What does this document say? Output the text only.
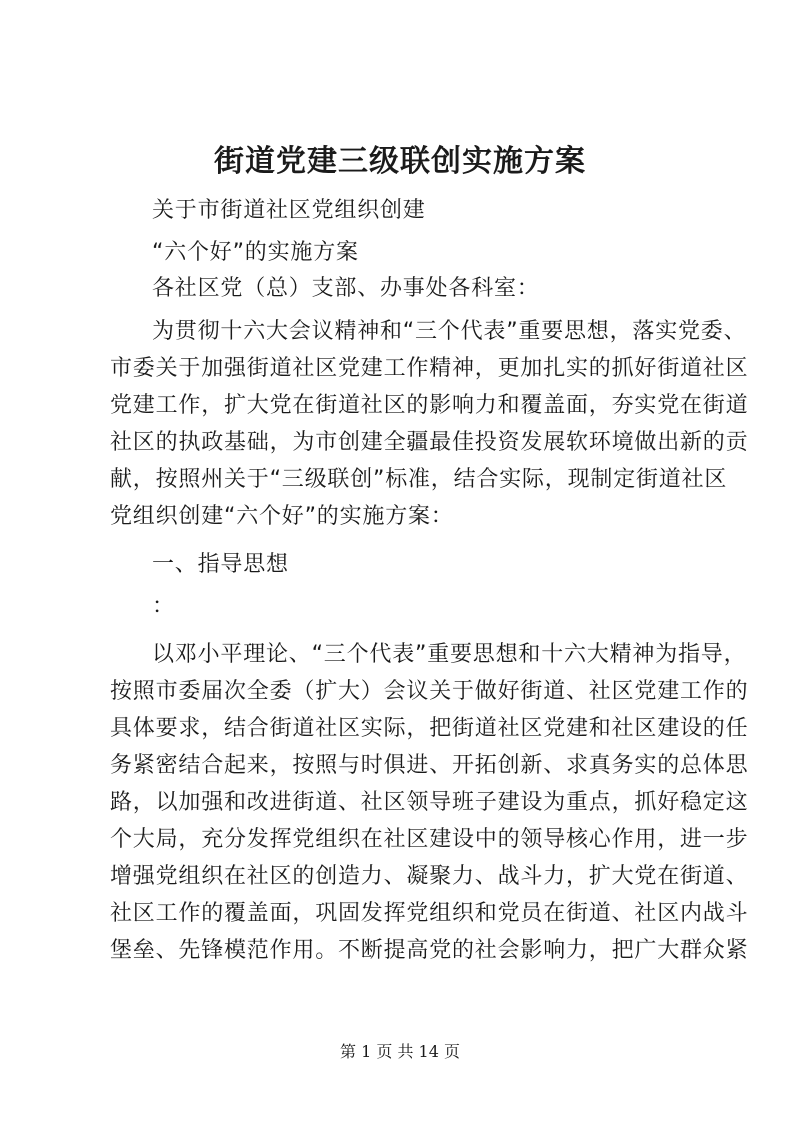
街道党建三级联创实施方案
关于市街道社区党组织创建
“六个好”的实施方案
各社区党（总）支部、办事处各科室：
为贯彻十六大会议精神和“三个代表”重要思想，落实党委、
市委关于加强街道社区党建工作精神，更加扎实的抓好街道社区
党建工作，扩大党在街道社区的影响力和覆盖面，夯实党在街道
社区的执政基础，为市创建全疆最佳投资发展软环境做出新的贡
献，按照州关于“三级联创”标准，结合实际，现制定街道社区
党组织创建“六个好”的实施方案：
一、指导思想
：
以邓小平理论、“三个代表”重要思想和十六大精神为指导，
按照市委届次全委（扩大）会议关于做好街道、社区党建工作的
具体要求，结合街道社区实际，把街道社区党建和社区建设的任
务紧密结合起来，按照与时俱进、开拓创新、求真务实的总体思
路，以加强和改进街道、社区领导班子建设为重点，抓好稳定这
个大局，充分发挥党组织在社区建设中的领导核心作用，进一步
增强党组织在社区的创造力、凝聚力、战斗力，扩大党在街道、
社区工作的覆盖面，巩固发挥党组织和党员在街道、社区内战斗
堡垒、先锋模范作用。不断提高党的社会影响力，把广大群众紧
第 1 页 共 14 页
